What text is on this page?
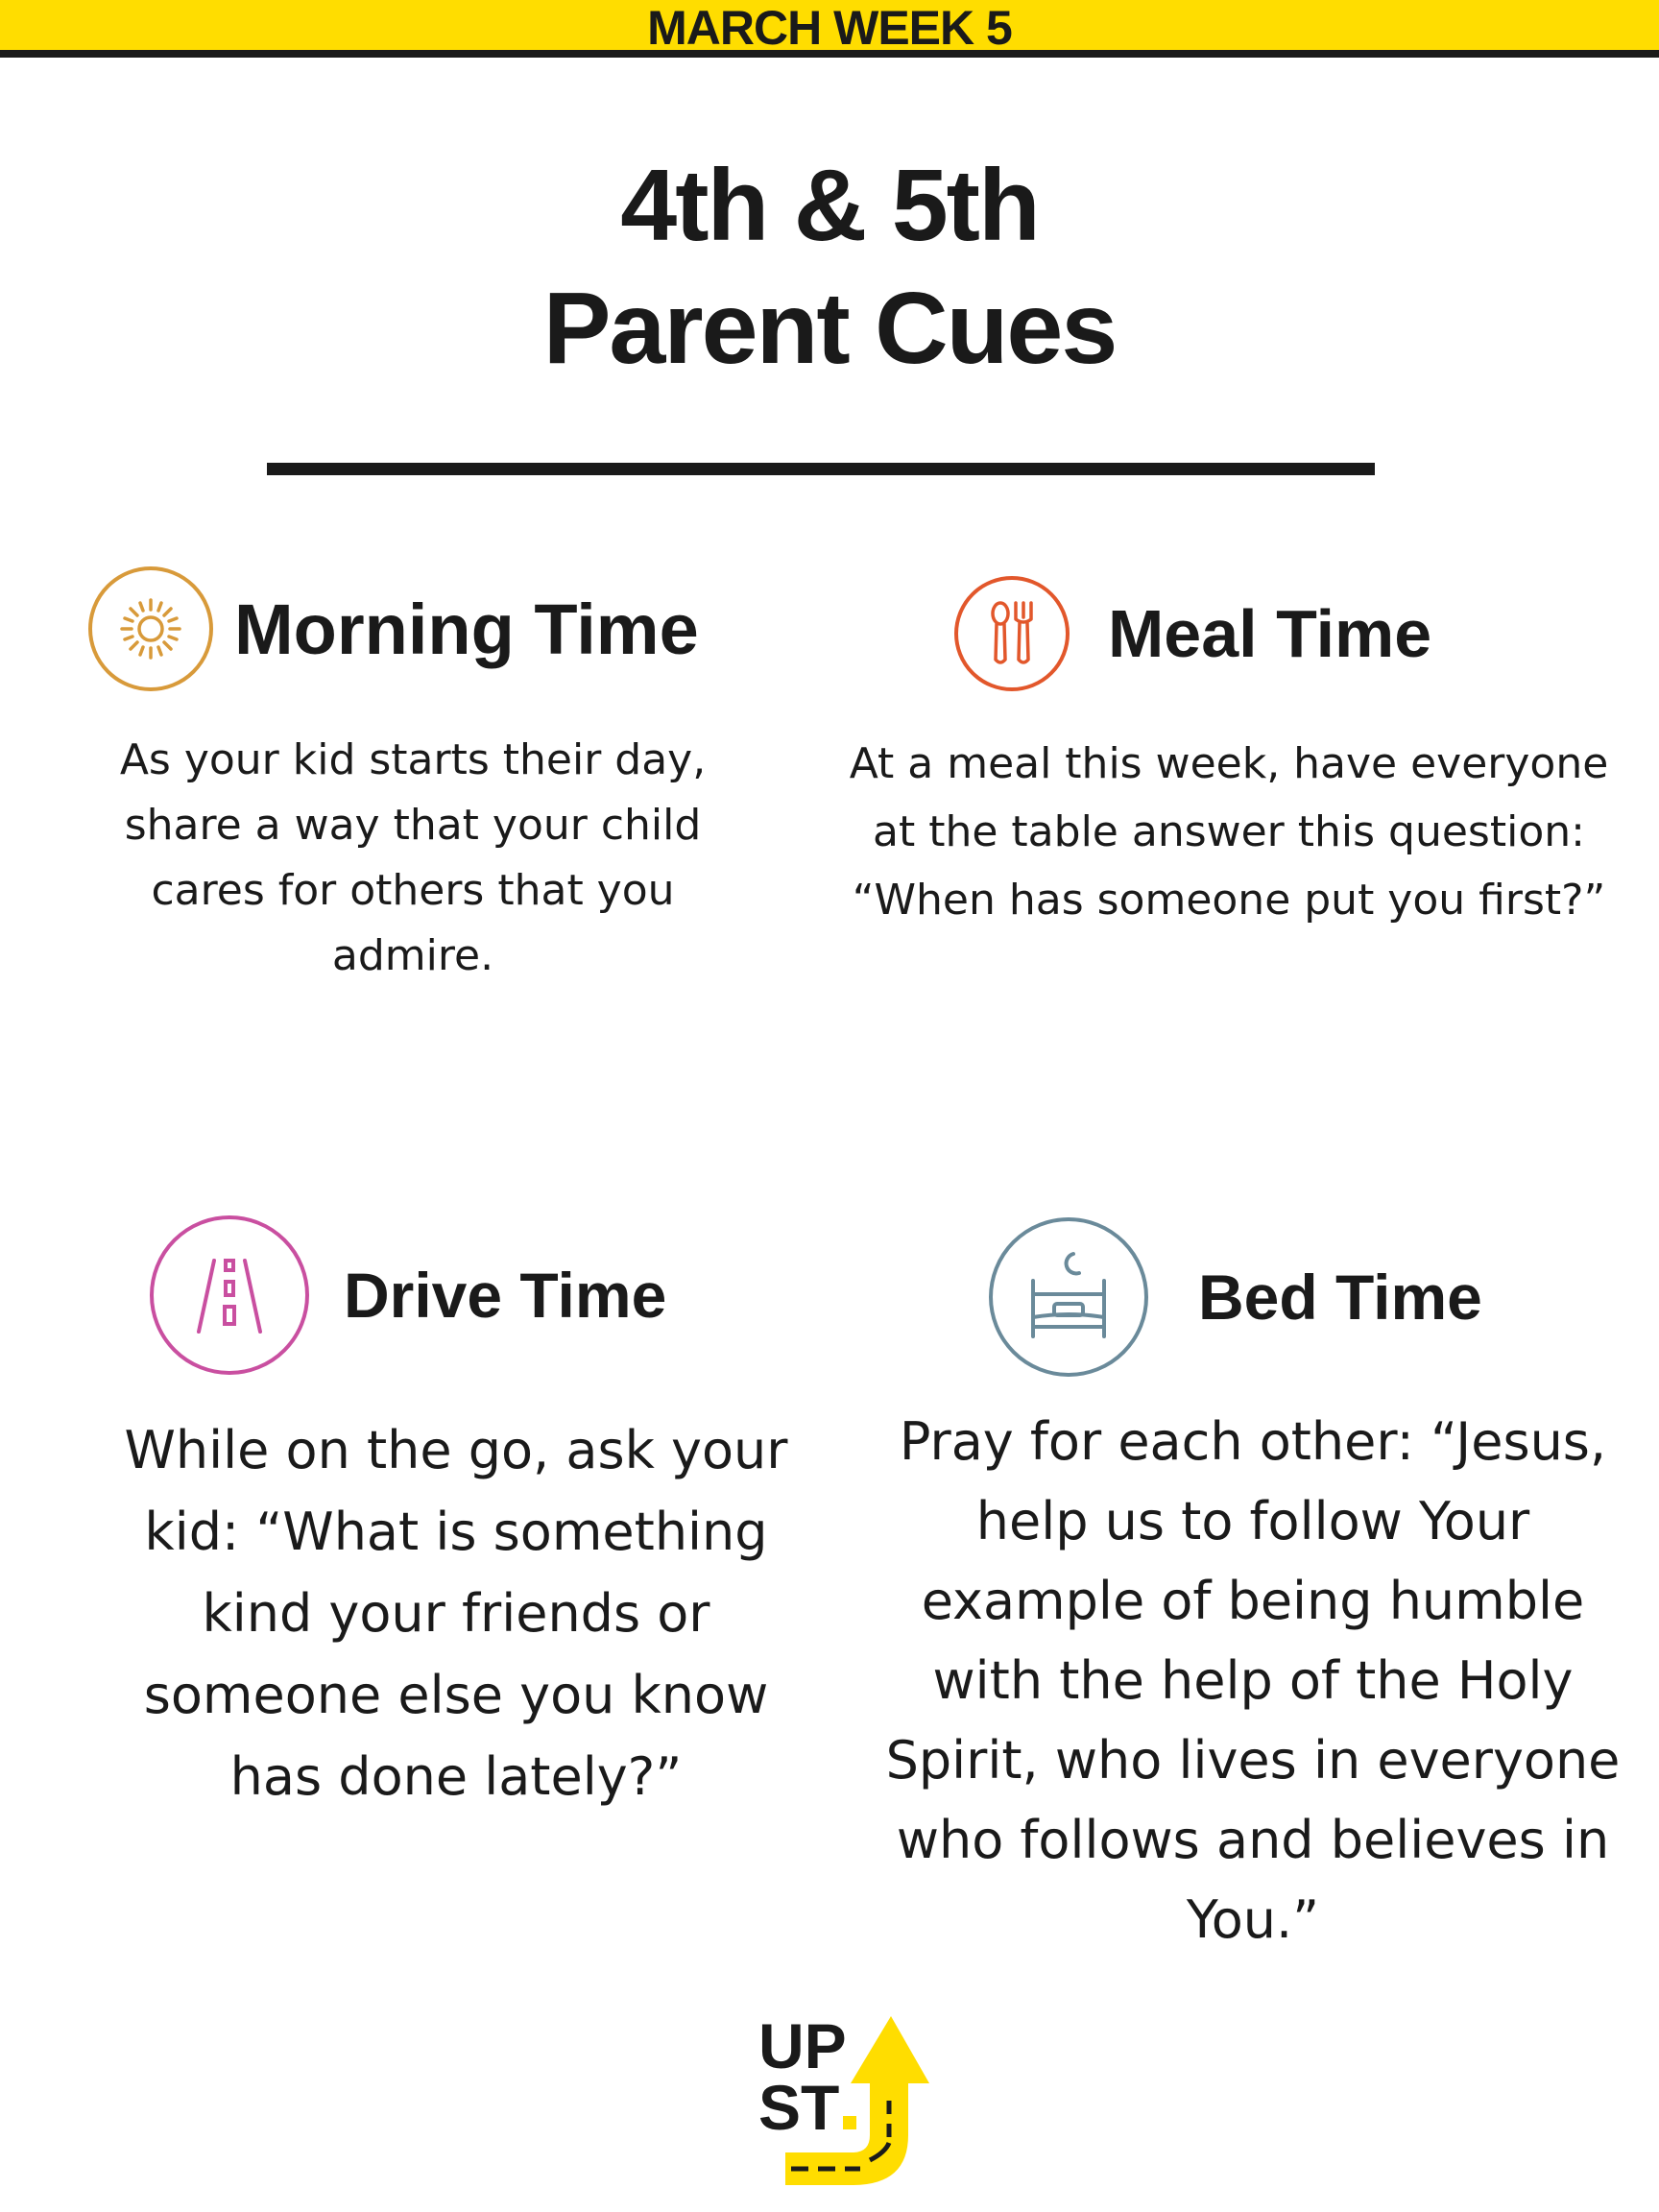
MARCH WEEK 5
4th & 5th
Parent Cues
Morning Time
As your kid starts their day,
share a way that your child
cares for others that you
admire.
Meal Time
At a meal this week, have everyone
at the table answer this question:
“When has someone put you first?”
Drive Time
While on the go, ask your
kid: “What is something
kind your friends or
someone else you know
has done lately?”
Bed Time
Pray for each other: “Jesus,
help us to follow Your
example of being humble
with the help of the Holy
Spirit, who lives in everyone
who follows and believes in
You.”
UP
ST
